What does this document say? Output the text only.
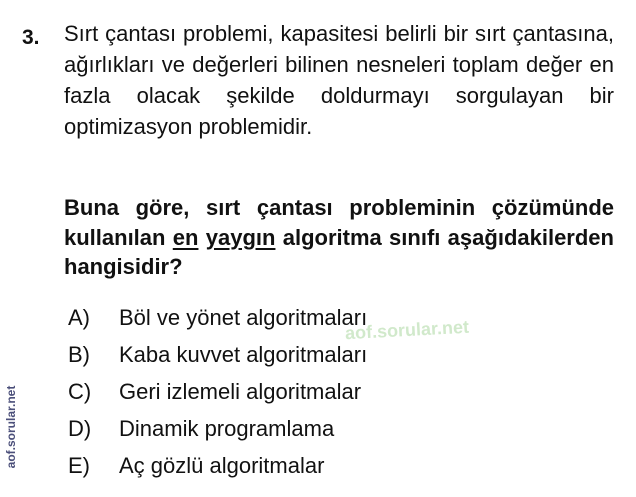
3. Sırt çantası problemi, kapasitesi belirli bir sırt çantasına, ağırlıkları ve değerleri bilinen nesneleri toplam değer en fazla olacak şekilde doldurmayı sorgulayan bir optimizasyon problemidir.
Buna göre, sırt çantası probleminin çözümünde kullanılan en yaygın algoritma sınıfı aşağıdakilerden hangisidir?
A)	Böl ve yönet algoritmaları
B)	Kaba kuvvet algoritmaları
C)	Geri izlemeli algoritmalar
D)	Dinamik programlama
E)	Aç gözlü algoritmalar
aof.sorular.net
aof.sorular.net
